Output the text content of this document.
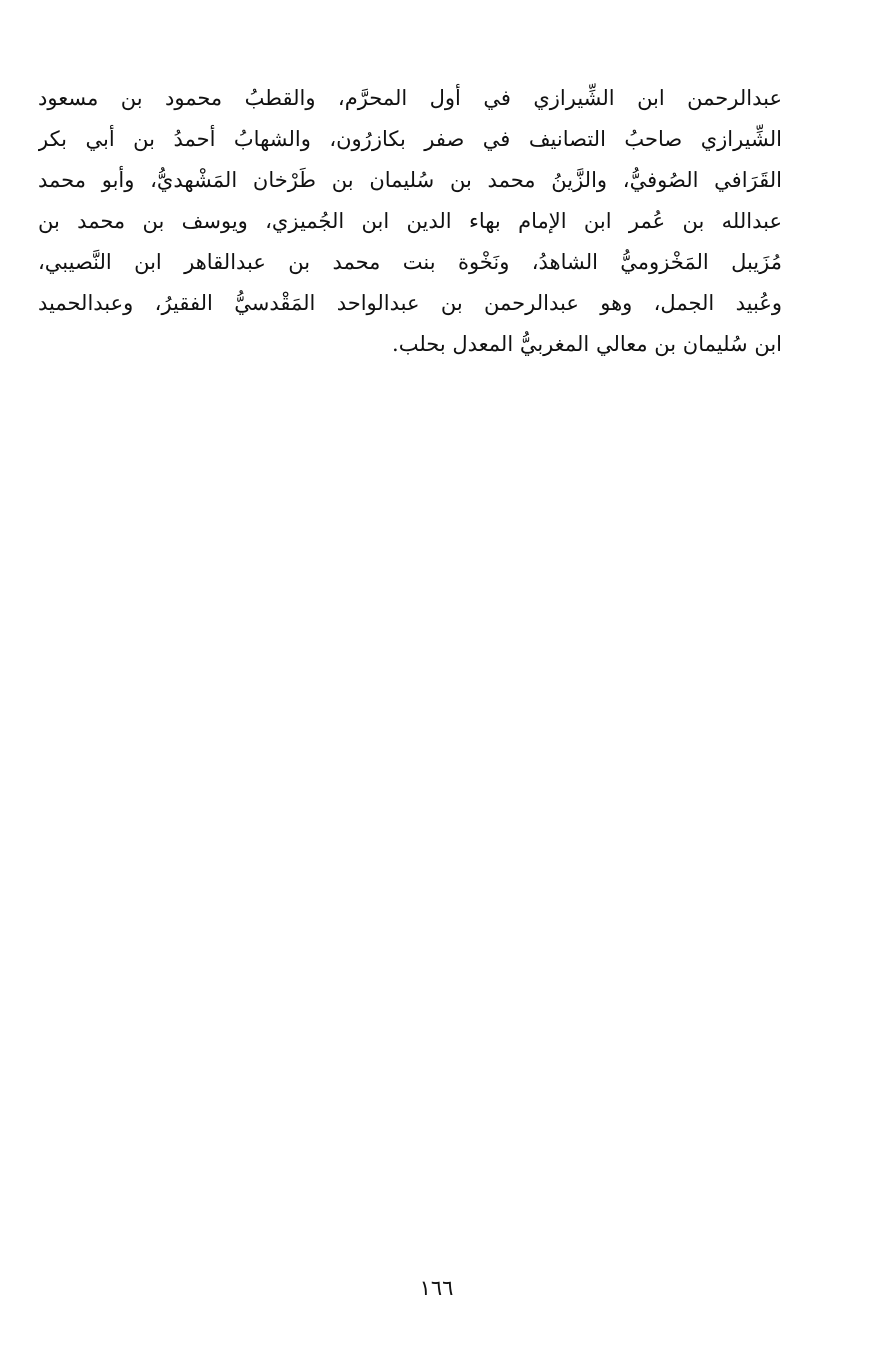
عبدالرحمن ابن الشِّيرازي في أول المحرَّم، والقطبُ محمود بن مسعود
الشِّيرازي صاحبُ التصانيف في صفر بكازرُون، والشهابُ أحمدُ بن أبي بكر
القَرَافي الصُوفيُّ، والزَّينُ محمد بن سُليمان بن طَرْخان المَشْهديُّ، وأبو محمد
عبدالله بن عُمر ابن الإمام بهاء الدين ابن الجُميزي، ويوسف بن محمد بن
مُزَيبل المَخْزوميُّ الشاهدُ، ونَخْوة بنت محمد بن عبدالقاهر ابن النَّصيبي،
وعُبيد الجمل، وهو عبدالرحمن بن عبدالواحد المَقْدسيُّ الفقيرُ، وعبدالحميد
ابن سُليمان بن معالي المغربيُّ المعدل بحلب.
١٦٦
